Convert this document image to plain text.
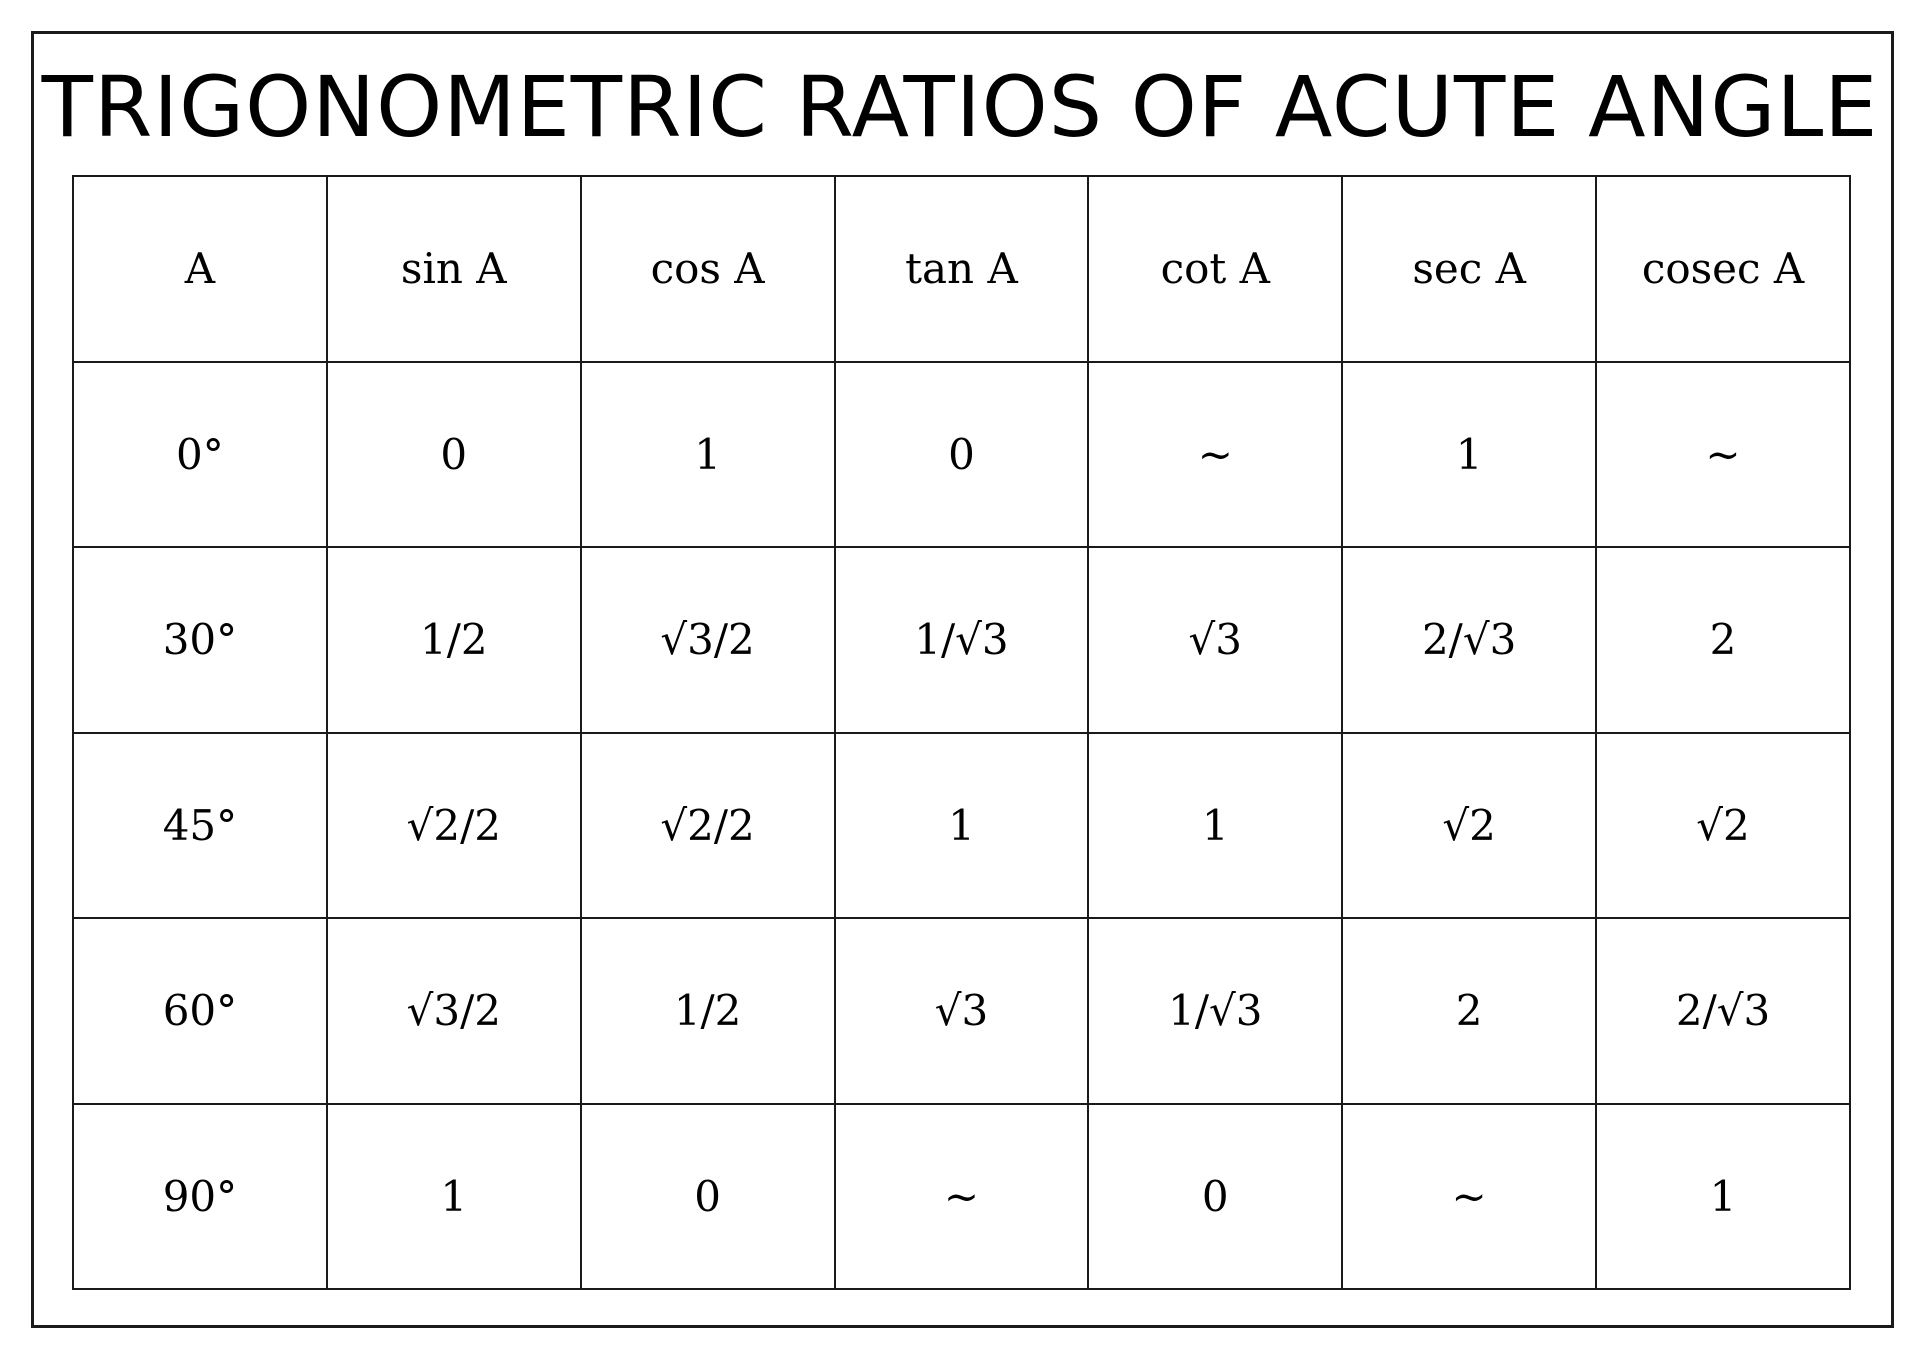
TRIGONOMETRIC RATIOS OF ACUTE ANGLE
A	sin A	cos A	tan A	cot A	sec A	cosec A
0°	0	1	0	~	1	~
30°	1/2	√3/2	1/√3	√3	2/√3	2
45°	√2/2	√2/2	1	1	√2	√2
60°	√3/2	1/2	√3	1/√3	2	2/√3
90°	1	0	~	0	~	1
